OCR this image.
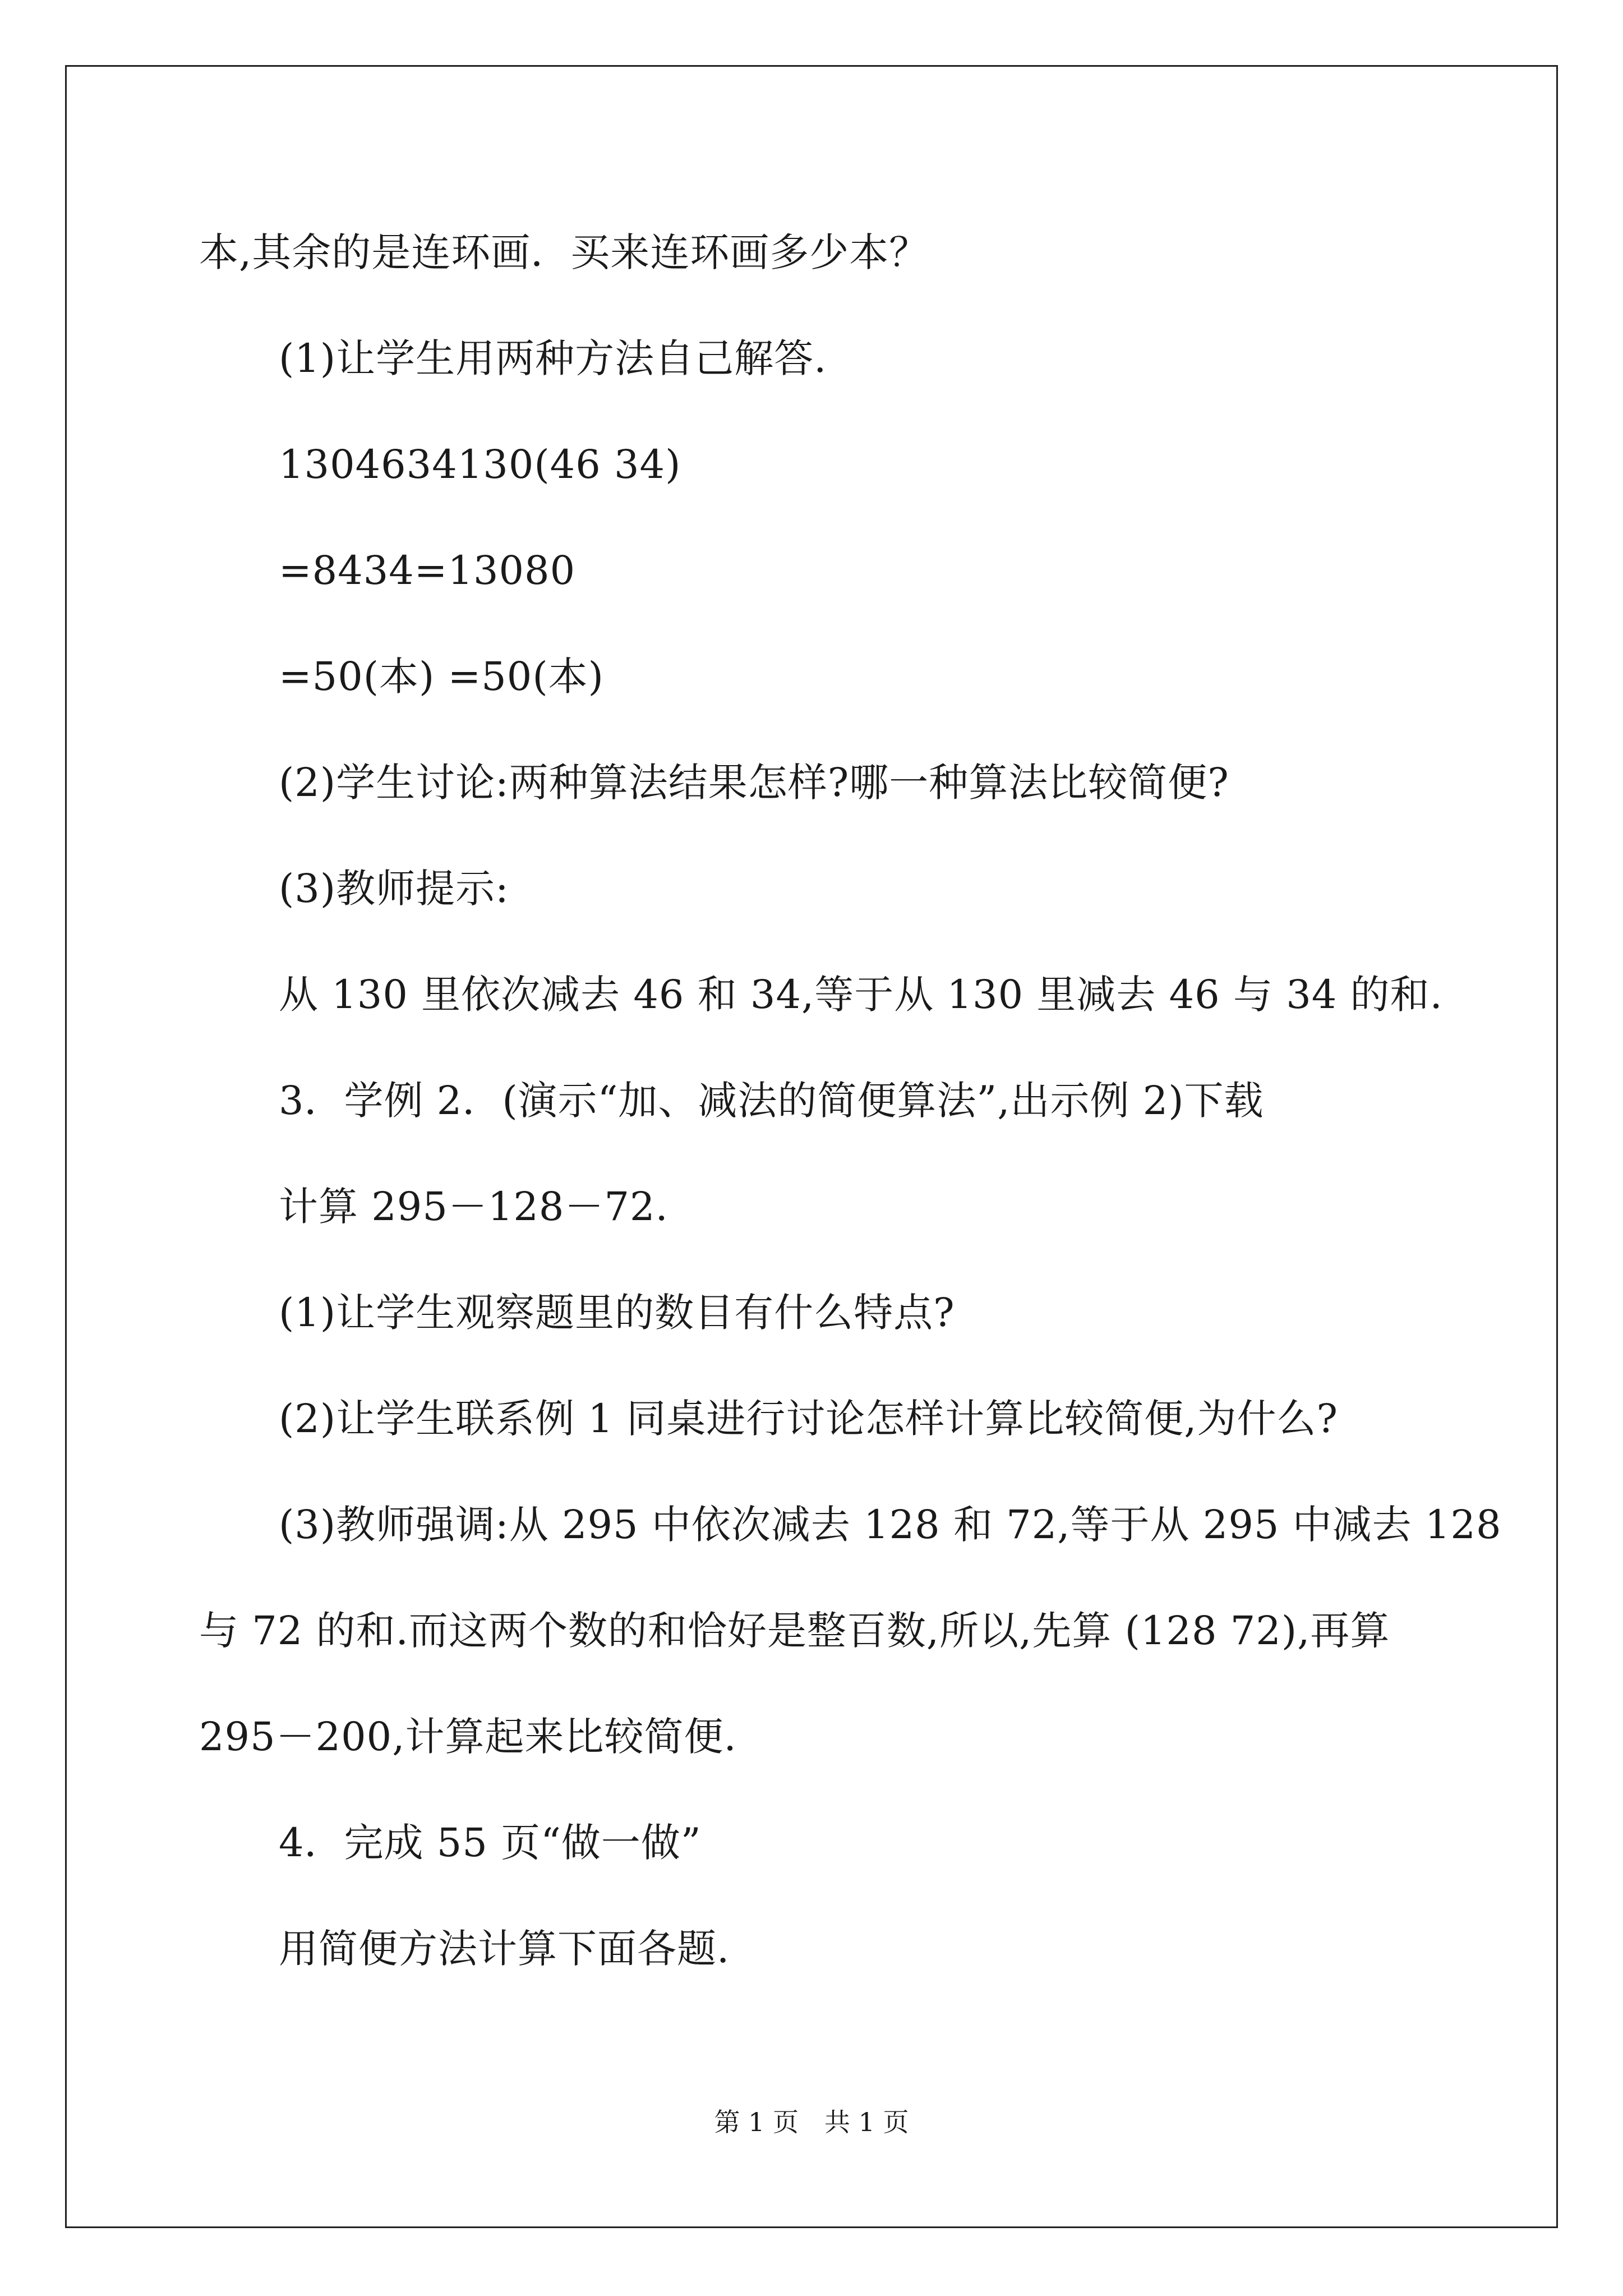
本,其余的是连环画．买来连环画多少本？
(1)让学生用两种方法自己解答.
1304634130(46 34)
=8434=13080
=50(本) =50(本)
(2)学生讨论:两种算法结果怎样?哪一种算法比较简便?
(3)教师提示:
从 130 里依次减去 46 和 34,等于从 130 里减去 46 与 34 的和.
3．学例 2．(演示“加、减法的简便算法”,出示例 2)下载
计算 295－128－72.
(1)让学生观察题里的数目有什么特点?
(2)让学生联系例 1 同桌进行讨论怎样计算比较简便,为什么?
(3)教师强调:从 295 中依次减去 128 和 72,等于从 295 中减去 128
与 72 的和.而这两个数的和恰好是整百数,所以,先算 (128 72),再算
295－200,计算起来比较简便.
4．完成 55 页“做一做”
用简便方法计算下面各题.
第 1 页　共 1 页
